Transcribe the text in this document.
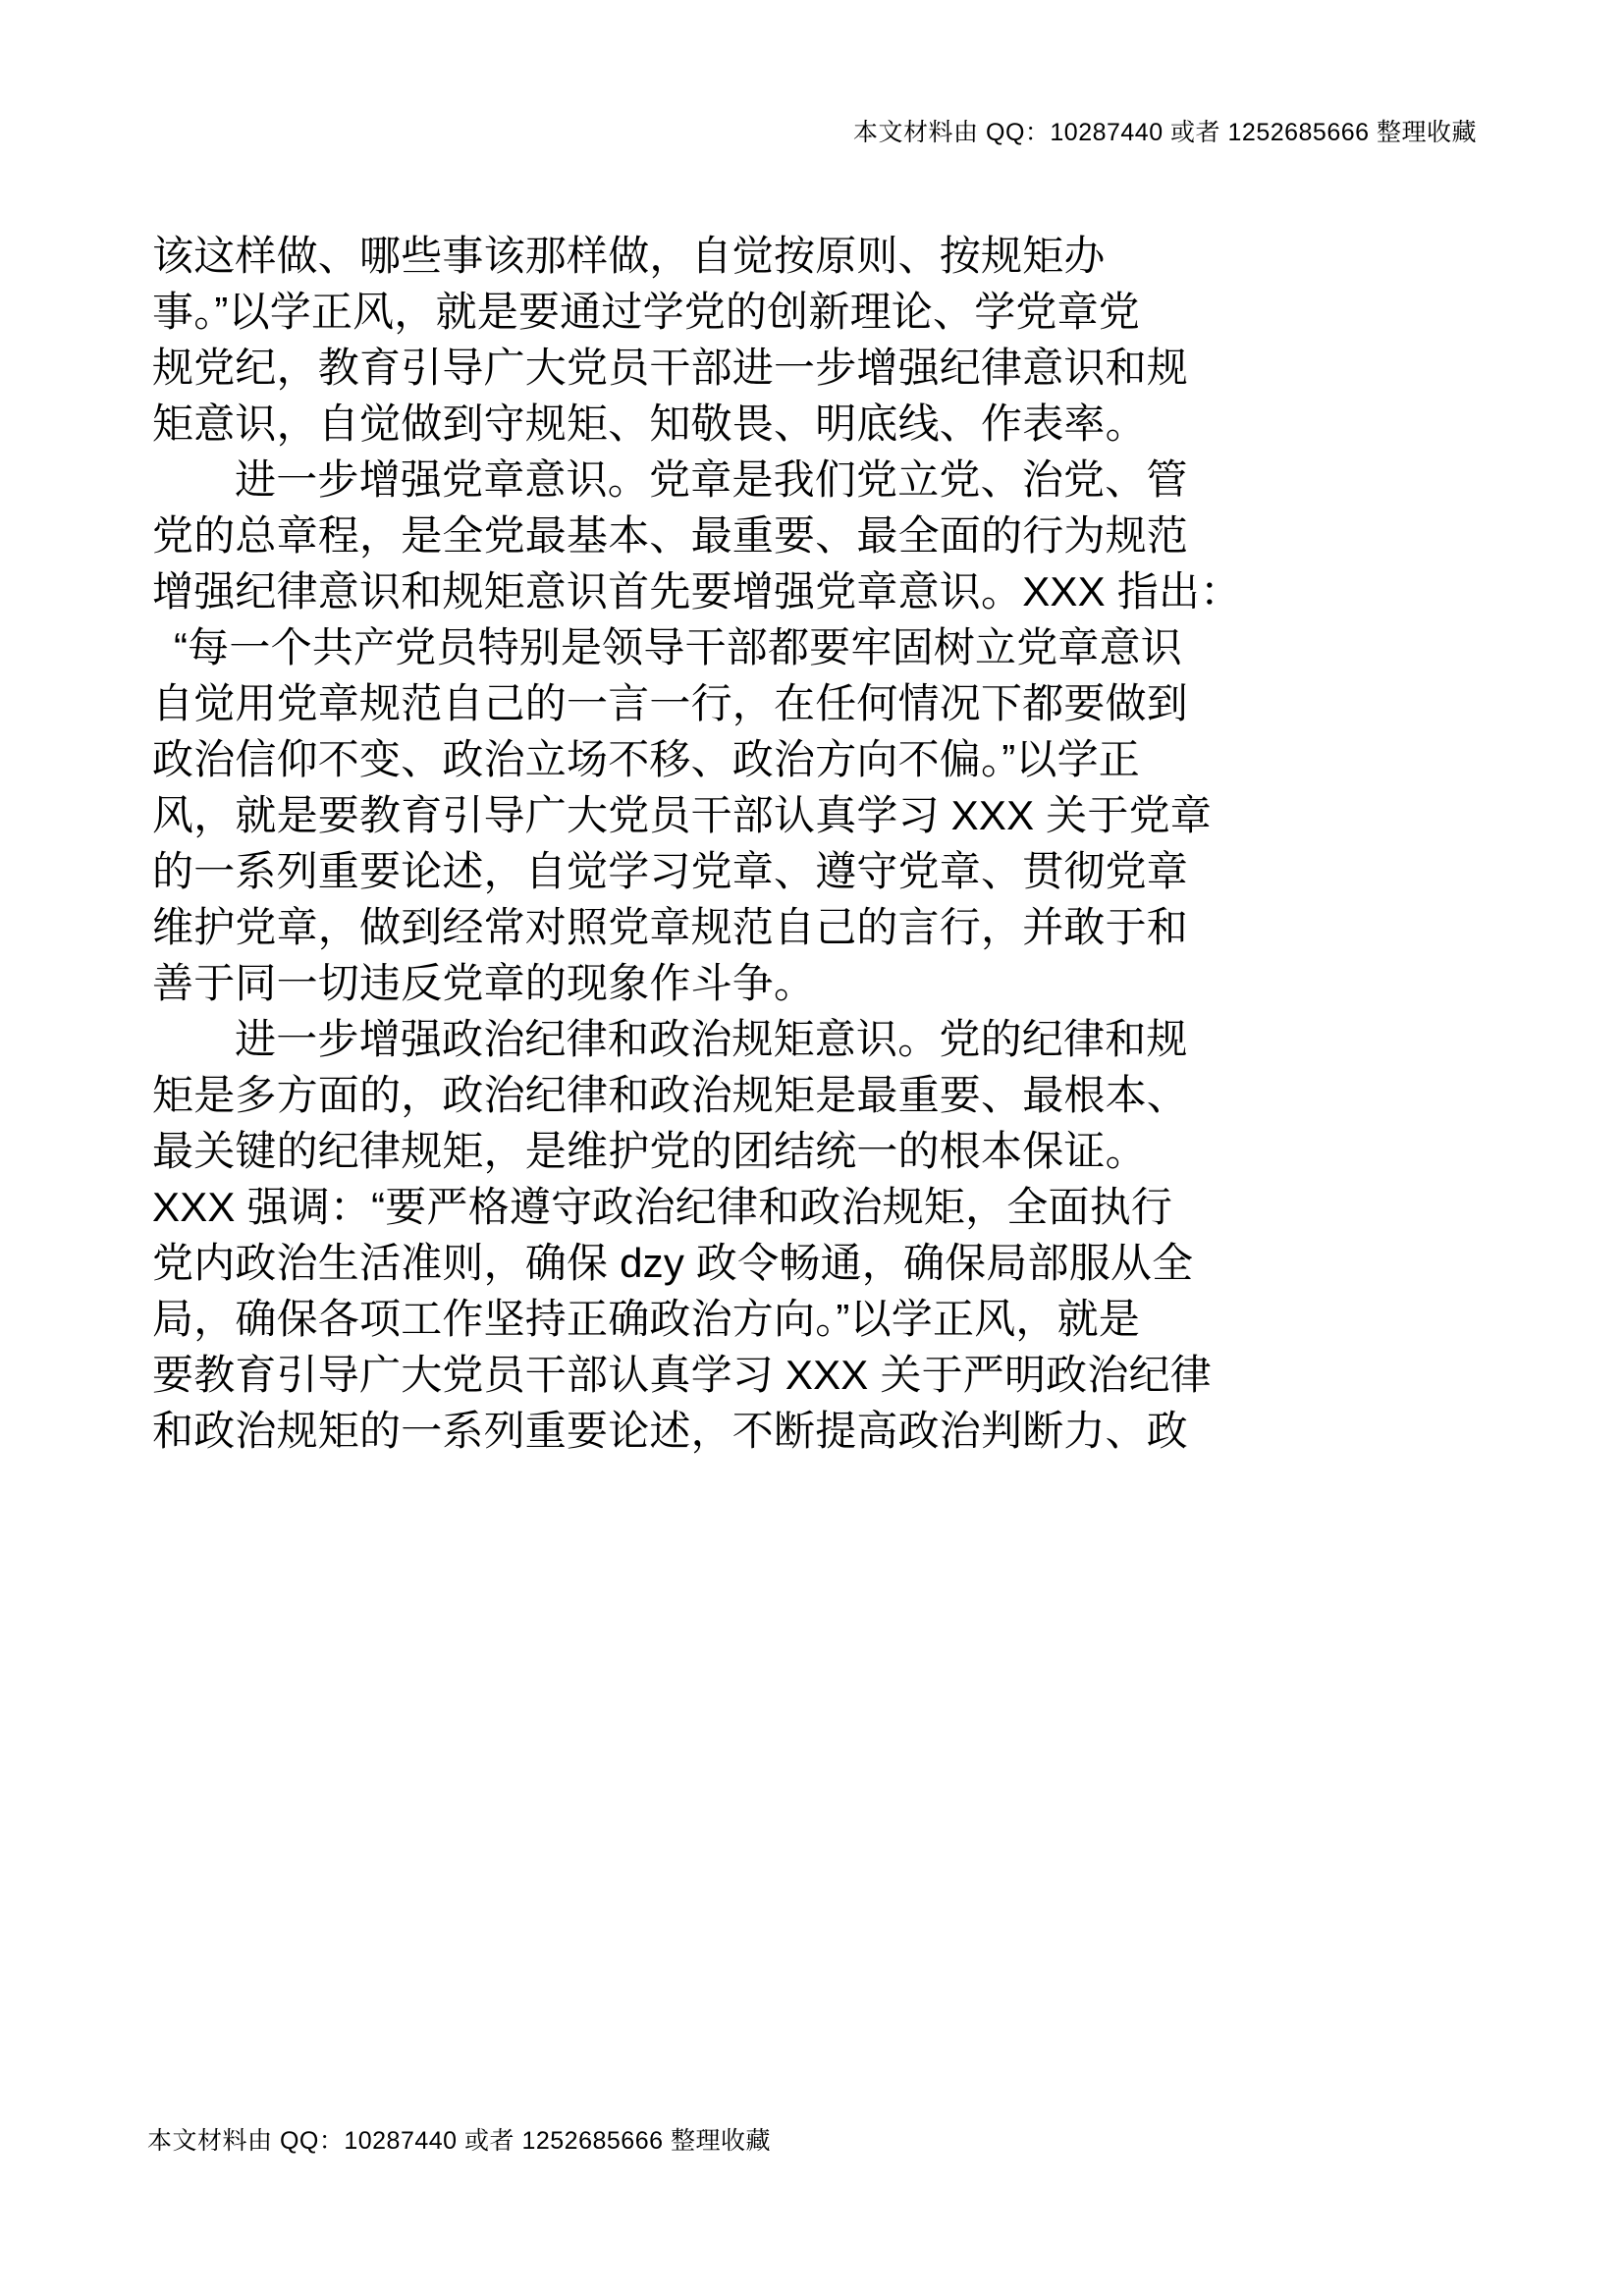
本文材料由 QQ：10287440 或者 1252685666 整理收藏
该这样做、哪些事该那样做，自觉按原则、按规矩办
事。”以学正风，就是要通过学党的创新理论、学党章党
规党纪，教育引导广大党员干部进一步增强纪律意识和规
矩意识，自觉做到守规矩、知敬畏、明底线、作表率。
进一步增强党章意识。党章是我们党立党、治党、管
党的总章程，是全党最基本、最重要、最全面的行为规范
增强纪律意识和规矩意识首先要增强党章意识。XXX 指出：
“每一个共产党员特别是领导干部都要牢固树立党章意识
自觉用党章规范自己的一言一行，在任何情况下都要做到
政治信仰不变、政治立场不移、政治方向不偏。”以学正
风，就是要教育引导广大党员干部认真学习 XXX 关于党章
的一系列重要论述，自觉学习党章、遵守党章、贯彻党章
维护党章，做到经常对照党章规范自己的言行，并敢于和
善于同一切违反党章的现象作斗争。
进一步增强政治纪律和政治规矩意识。党的纪律和规
矩是多方面的，政治纪律和政治规矩是最重要、最根本、
最关键的纪律规矩，是维护党的团结统一的根本保证。
XXX 强调：“要严格遵守政治纪律和政治规矩，全面执行
党内政治生活准则，确保 dzy 政令畅通，确保局部服从全
局，确保各项工作坚持正确政治方向。”以学正风，就是
要教育引导广大党员干部认真学习 XXX 关于严明政治纪律
和政治规矩的一系列重要论述，不断提高政治判断力、政
本文材料由 QQ：10287440 或者 1252685666 整理收藏
